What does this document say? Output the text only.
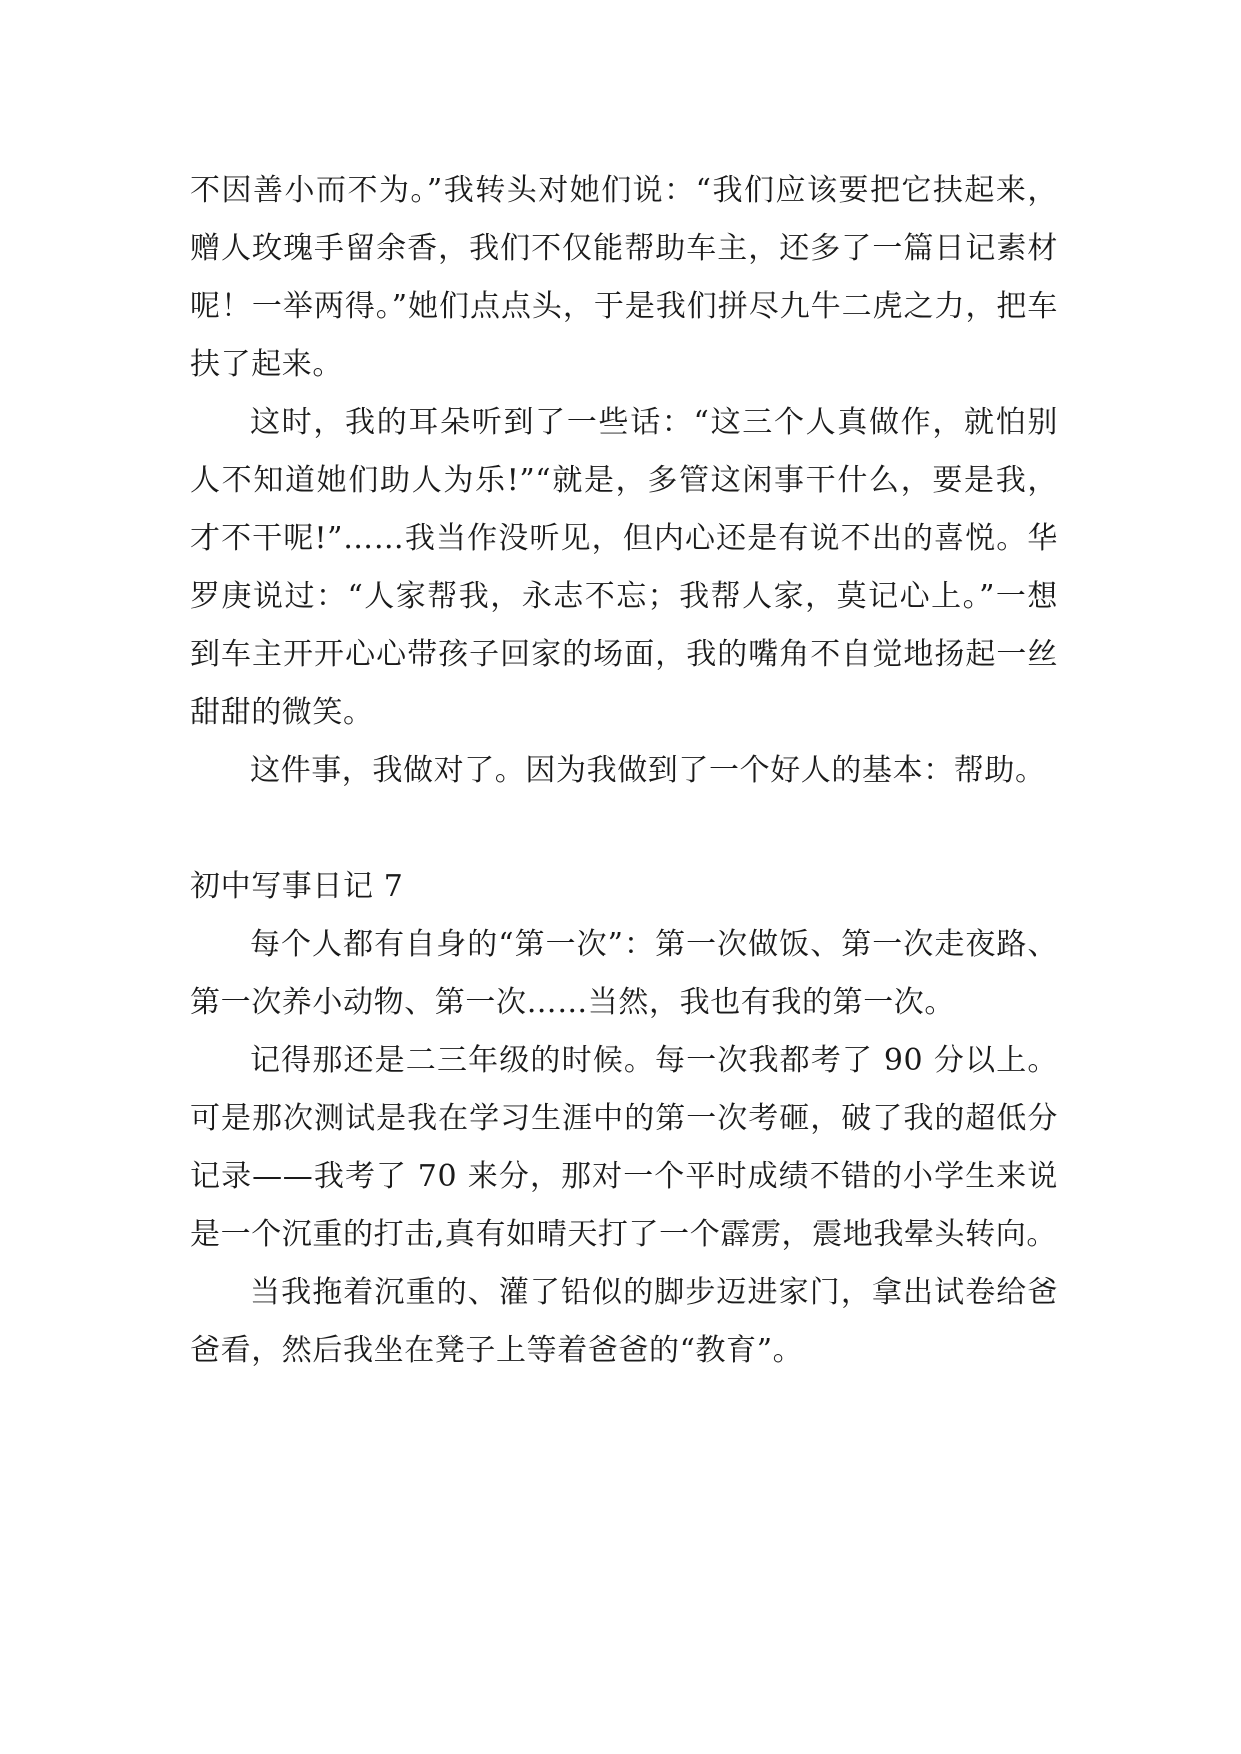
不因善小而不为。”我转头对她们说：“我们应该要把它扶起来，赠人玫瑰手留余香，我们不仅能帮助车主，还多了一篇日记素材呢！一举两得。”她们点点头，于是我们拼尽九牛二虎之力，把车扶了起来。

这时，我的耳朵听到了一些话：“这三个人真做作，就怕别人不知道她们助人为乐!”“就是，多管这闲事干什么，要是我，才不干呢!”……我当作没听见，但内心还是有说不出的喜悦。华罗庚说过：“人家帮我，永志不忘；我帮人家，莫记心上。”一想到车主开开心心带孩子回家的场面，我的嘴角不自觉地扬起一丝甜甜的微笑。

这件事，我做对了。因为我做到了一个好人的基本：帮助。

初中写事日记 7

每个人都有自身的“第一次”：第一次做饭、第一次走夜路、第一次养小动物、第一次……当然，我也有我的第一次。

记得那还是二三年级的时候。每一次我都考了 90 分以上。可是那次测试是我在学习生涯中的第一次考砸，破了我的超低分记录——我考了 70 来分，那对一个平时成绩不错的小学生来说是一个沉重的打击,真有如晴天打了一个霹雳，震地我晕头转向。

当我拖着沉重的、灌了铅似的脚步迈进家门，拿出试卷给爸爸看，然后我坐在凳子上等着爸爸的“教育”。
